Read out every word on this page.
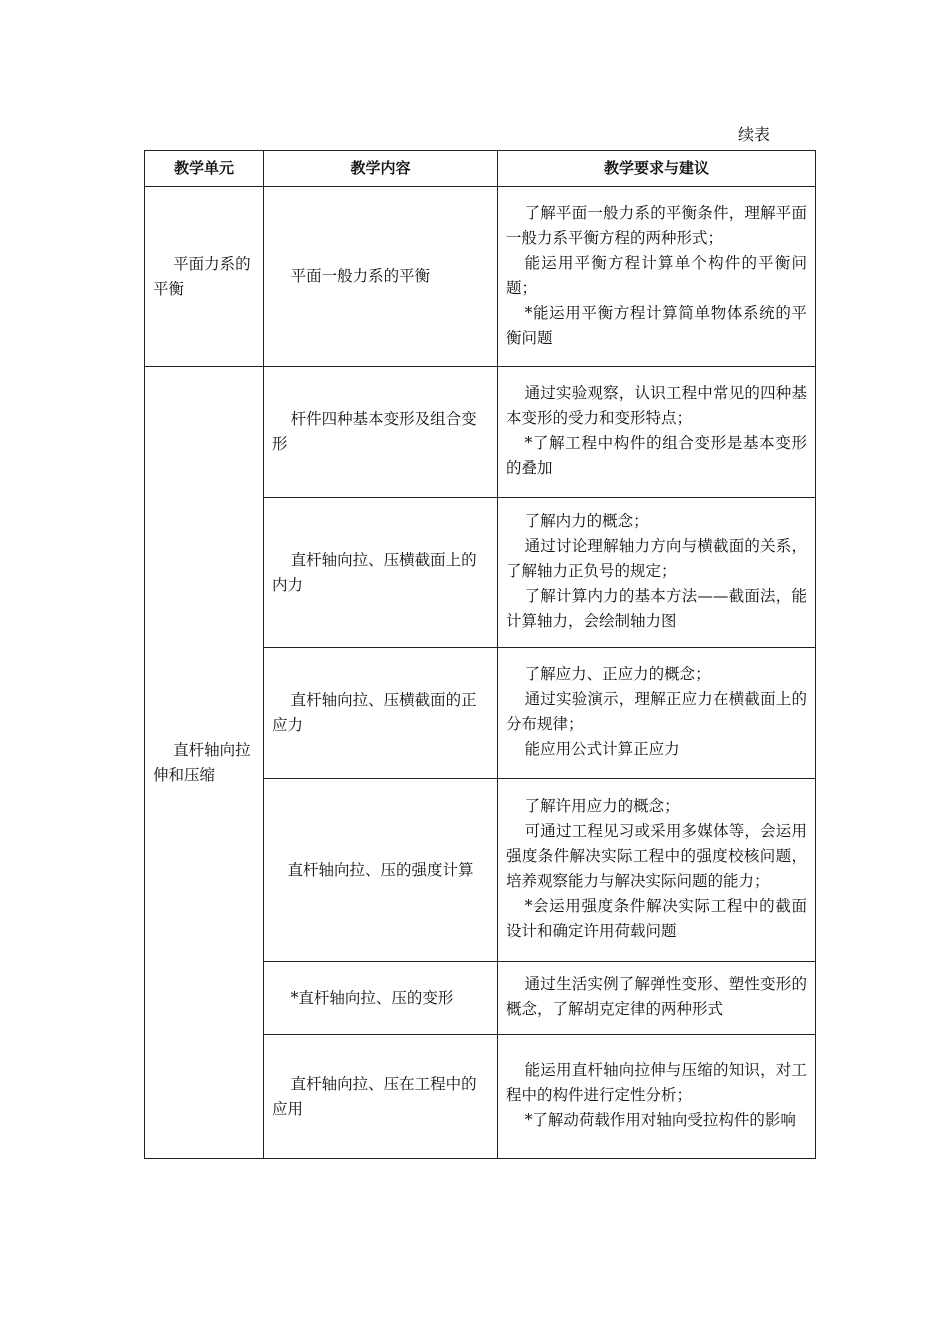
续表
教学单元	教学内容	教学要求与建议
平面力系的平衡	平面一般力系的平衡	了解平面一般力系的平衡条件，理解平面一般力系平衡方程的两种形式；

能运用平衡方程计算单个构件的平衡问题；

*能运用平衡方程计算简单物体系统的平衡问题

直杆轴向拉伸和压缩	杆件四种基本变形及组合变形	通过实验观察，认识工程中常见的四种基本变形的受力和变形特点；

*了解工程中构件的组合变形是基本变形的叠加

	直杆轴向拉、压横截面上的内力	了解内力的概念；

通过讨论理解轴力方向与横截面的关系，了解轴力正负号的规定；

了解计算内力的基本方法——截面法，能计算轴力，会绘制轴力图

	直杆轴向拉、压横截面的正应力	了解应力、正应力的概念；

通过实验演示，理解正应力在横截面上的分布规律；

能应用公式计算正应力

	直杆轴向拉、压的强度计算	了解许用应力的概念；

可通过工程见习或采用多媒体等，会运用强度条件解决实际工程中的强度校核问题，培养观察能力与解决实际问题的能力；

*会运用强度条件解决实际工程中的截面设计和确定许用荷载问题

	*直杆轴向拉、压的变形	通过生活实例了解弹性变形、塑性变形的概念，了解胡克定律的两种形式

	直杆轴向拉、压在工程中的应用	能运用直杆轴向拉伸与压缩的知识，对工程中的构件进行定性分析；

*了解动荷载作用对轴向受拉构件的影响
